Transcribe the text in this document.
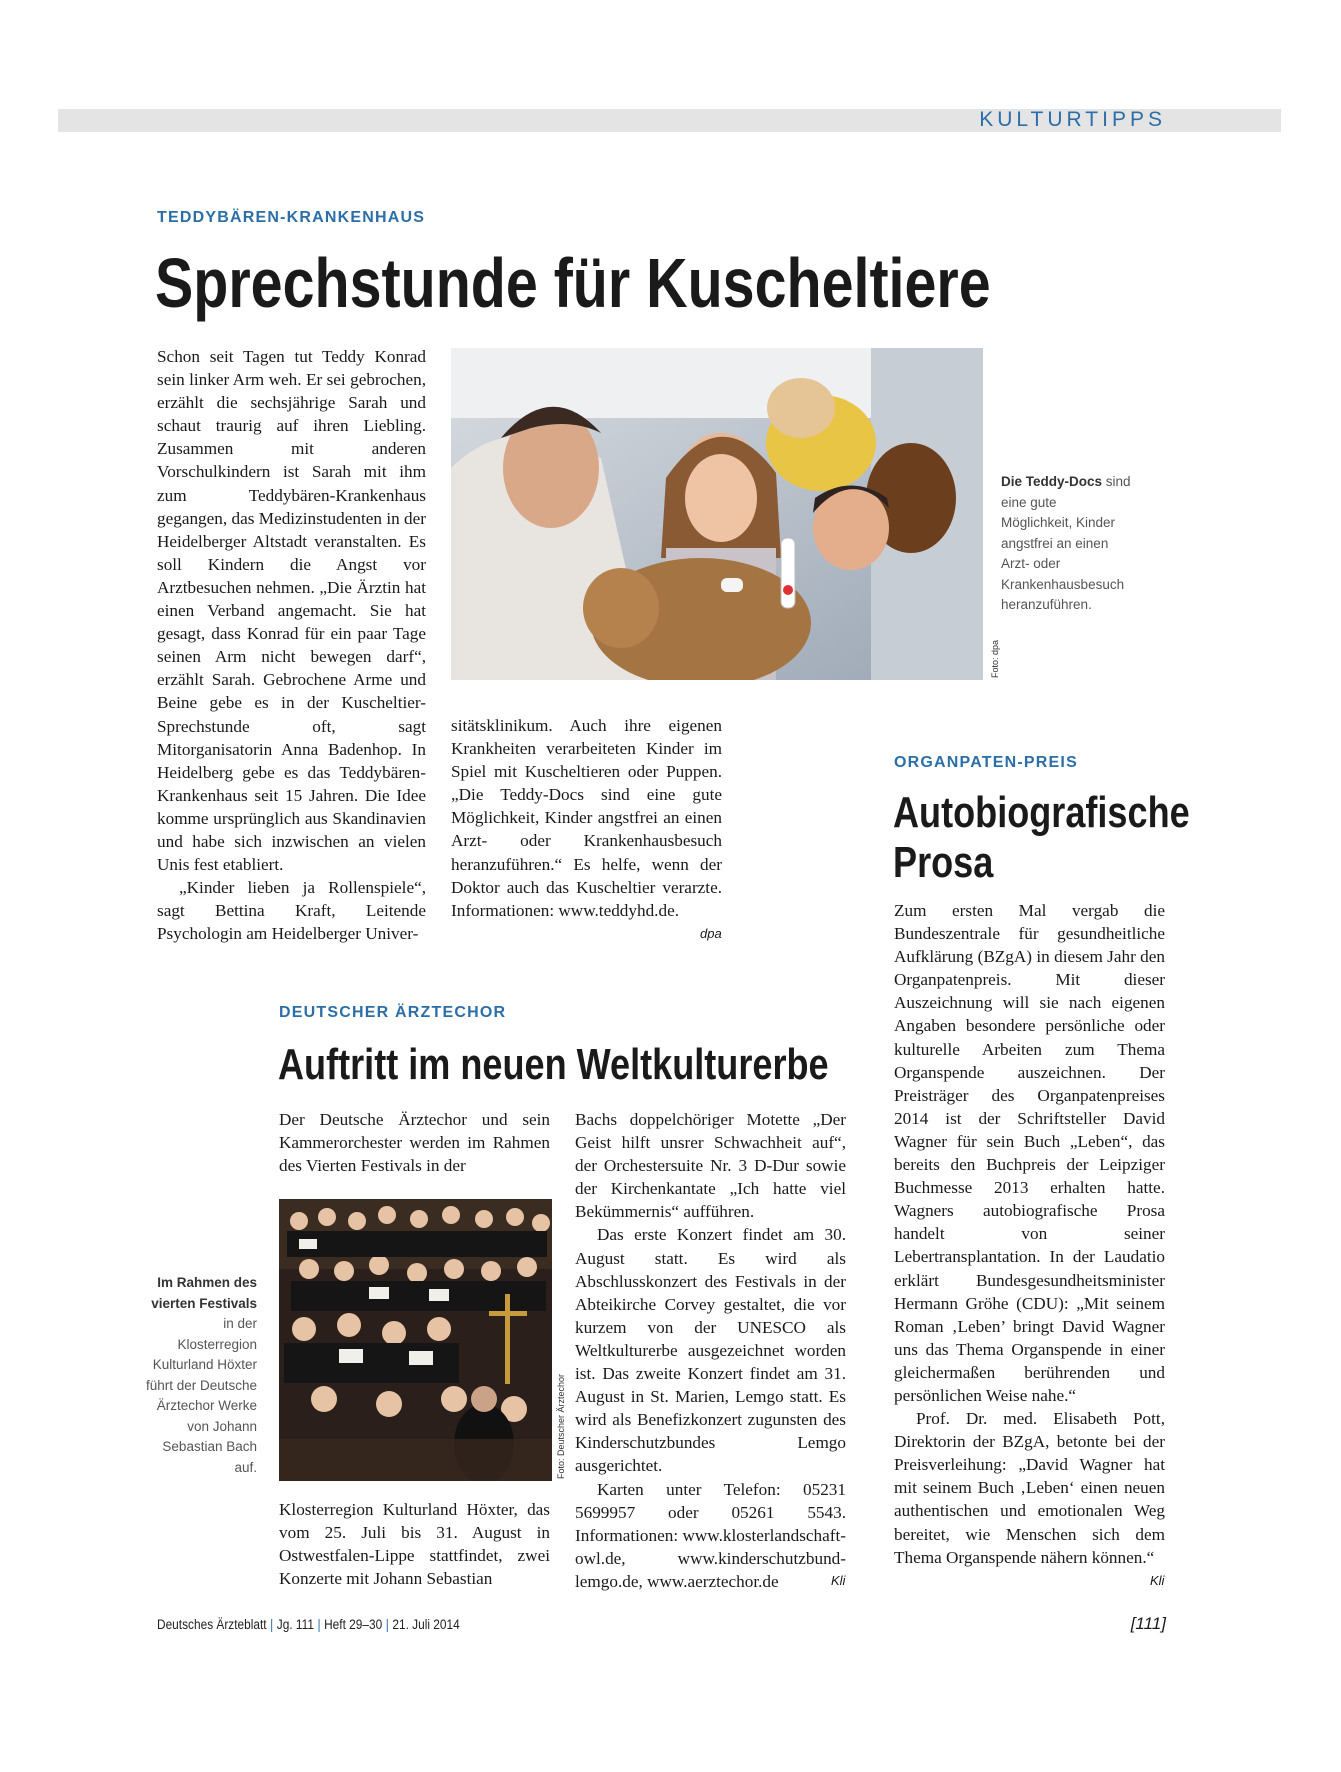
KULTURTIPPS
TEDDYBÄREN-KRANKENHAUS
Sprechstunde für Kuscheltiere

Schon seit Tagen tut Teddy Konrad sein linker Arm weh. Er sei gebrochen, erzählt die sechsjährige Sarah und schaut traurig auf ihren Liebling. Zusammen mit anderen Vorschulkindern ist Sarah mit ihm zum Teddybären-Krankenhaus gegangen, das Medizinstudenten in der Heidelberger Altstadt veranstalten. Es soll Kindern die Angst vor Arztbesuchen nehmen. „Die Ärztin hat einen Verband angemacht. Sie hat gesagt, dass Konrad für ein paar Tage seinen Arm nicht bewegen darf“, erzählt Sarah. Gebrochene Arme und Beine gebe es in der Kuscheltier-Sprechstunde oft, sagt Mitorganisatorin Anna Badenhop. In Heidelberg gebe es das Teddybären-Krankenhaus seit 15 Jahren. Die Idee komme ursprünglich aus Skandinavien und habe sich inzwischen an vielen Unis fest etabliert.

„Kinder lieben ja Rollenspiele“, sagt Bettina Kraft, Leitende Psychologin am Heidelberger Univer-

Foto: dpa
Die Teddy-Docs sind eine gute Möglichkeit, Kinder angstfrei an einen Arzt- oder Krankenhausbesuch heranzuführen.

sitätsklinikum. Auch ihre eigenen Krankheiten verarbeiteten Kinder im Spiel mit Kuscheltieren oder Puppen. „Die Teddy-Docs sind eine gute Möglichkeit, Kinder angstfrei an einen Arzt- oder Krankenhausbesuch heranzuführen.“ Es helfe, wenn der Doktor auch das Kuscheltier verarzte. Informationen: www.teddyhd.de.

dpa
DEUTSCHER ÄRZTECHOR
Auftritt im neuen Weltkulturerbe

Der Deutsche Ärztechor und sein Kammerorchester werden im Rahmen des Vierten Festivals in der

Foto: Deutscher Ärztechor
Im Rahmen des vierten Festivals in der Klosterregion Kulturland Höxter führt der Deutsche Ärztechor Werke von Johann Sebastian Bach auf.

Klosterregion Kulturland Höxter, das vom 25. Juli bis 31. August in Ostwestfalen-Lippe stattfindet, zwei Konzerte mit Johann Sebastian

Bachs doppelchöriger Motette „Der Geist hilft unsrer Schwachheit auf“, der Orchestersuite Nr. 3 D-Dur sowie der Kirchenkantate „Ich hatte viel Bekümmernis“ aufführen.

Das erste Konzert findet am 30. August statt. Es wird als Abschlusskonzert des Festivals in der Abteikirche Corvey gestaltet, die vor kurzem von der UNESCO als Weltkulturerbe ausgezeichnet worden ist. Das zweite Konzert findet am 31. August in St. Marien, Lemgo statt. Es wird als Benefizkonzert zugunsten des Kinderschutzbundes Lemgo ausgerichtet.

Karten unter Telefon: 05231 5699957 oder 05261 5543. Informationen: www.klosterlandschaft-owl.de, www.kinderschutzbund-lemgo.de, www.aerztechor.de	Kli
ORGANPATEN-PREIS
Autobiografische
Prosa

Zum ersten Mal vergab die Bundeszentrale für gesundheitliche Aufklärung (BZgA) in diesem Jahr den Organpatenpreis. Mit dieser Auszeichnung will sie nach eigenen Angaben besondere persönliche oder kulturelle Arbeiten zum Thema Organspende auszeichnen. Der Preisträger des Organpatenpreises 2014 ist der Schriftsteller David Wagner für sein Buch „Leben“, das bereits den Buchpreis der Leipziger Buchmesse 2013 erhalten hatte. Wagners autobiografische Prosa handelt von seiner Lebertransplantation. In der Laudatio erklärt Bundesgesundheitsminister Hermann Gröhe (CDU): „Mit seinem Roman ‚Leben’ bringt David Wagner uns das Thema Organspende in einer gleichermaßen berührenden und persönlichen Weise nahe.“

Prof. Dr. med. Elisabeth Pott, Direktorin der BZgA, betonte bei der Preisverleihung: „David Wagner hat mit seinem Buch ‚Leben‘ einen neuen authentischen und emotionalen Weg bereitet, wie Menschen sich dem Thema Organspende nähern können.“

Kli
Deutsches Ärzteblatt | Jg. 111 | Heft 29–30 | 21. Juli 2014	[111]
